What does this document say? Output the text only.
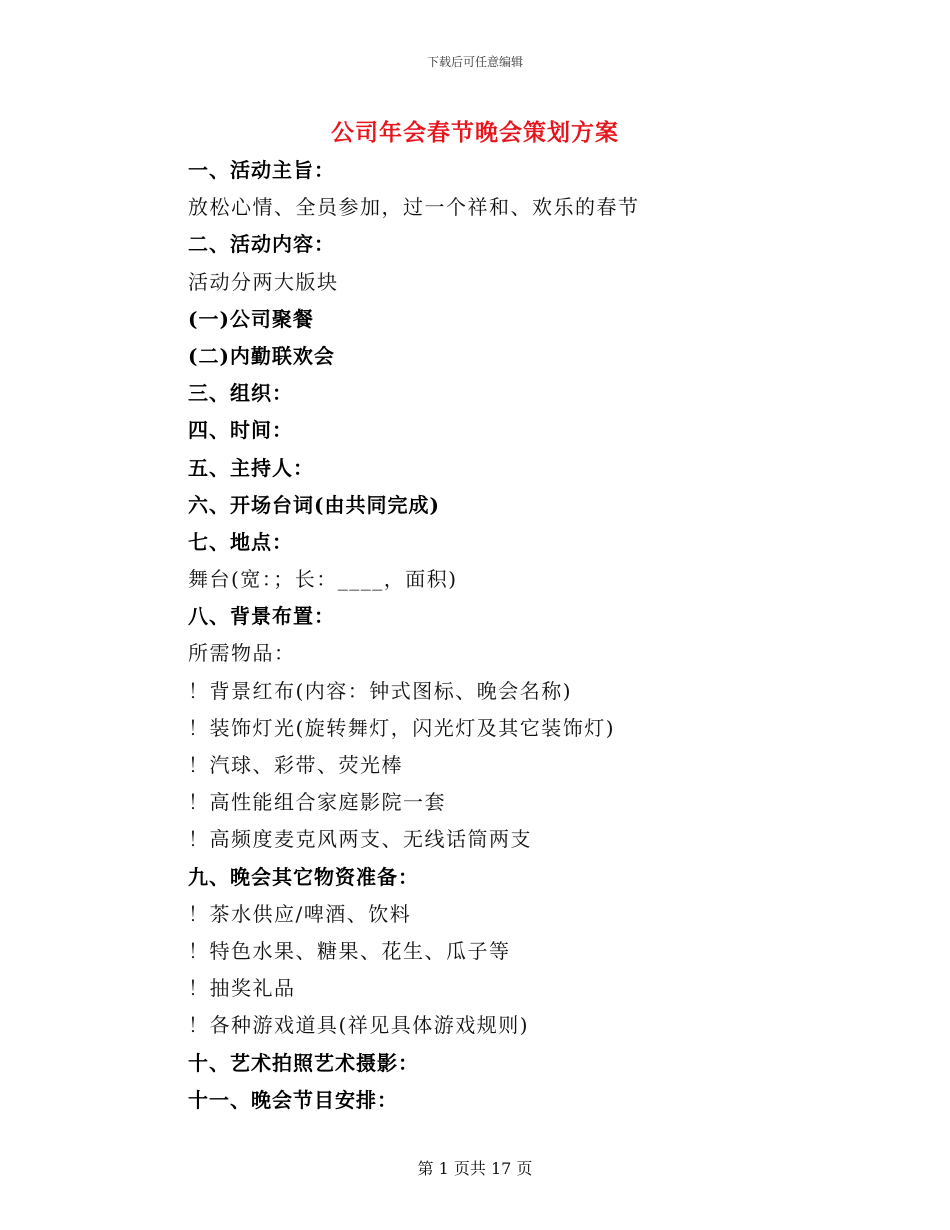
下载后可任意编辑
公司年会春节晚会策划方案
一、活动主旨：
放松心情、全员参加，过一个祥和、欢乐的春节
二、活动内容：
活动分两大版块
(一)公司聚餐
(二)内勤联欢会
三、组织：
四、时间：
五、主持人：
六、开场台词(由共同完成)
七、地点：
舞台(宽：；长：____，面积)
八、背景布置：
所需物品：
！背景红布(内容：钟式图标、晚会名称)
！装饰灯光(旋转舞灯，闪光灯及其它装饰灯)
！汽球、彩带、荧光棒
！高性能组合家庭影院一套
！高频度麦克风两支、无线话筒两支
九、晚会其它物资准备：
！茶水供应/啤酒、饮料
！特色水果、糖果、花生、瓜子等
！抽奖礼品
！各种游戏道具(祥见具体游戏规则)
十、艺术拍照艺术摄影：
十一、晚会节目安排：
第 1 页共 17 页
